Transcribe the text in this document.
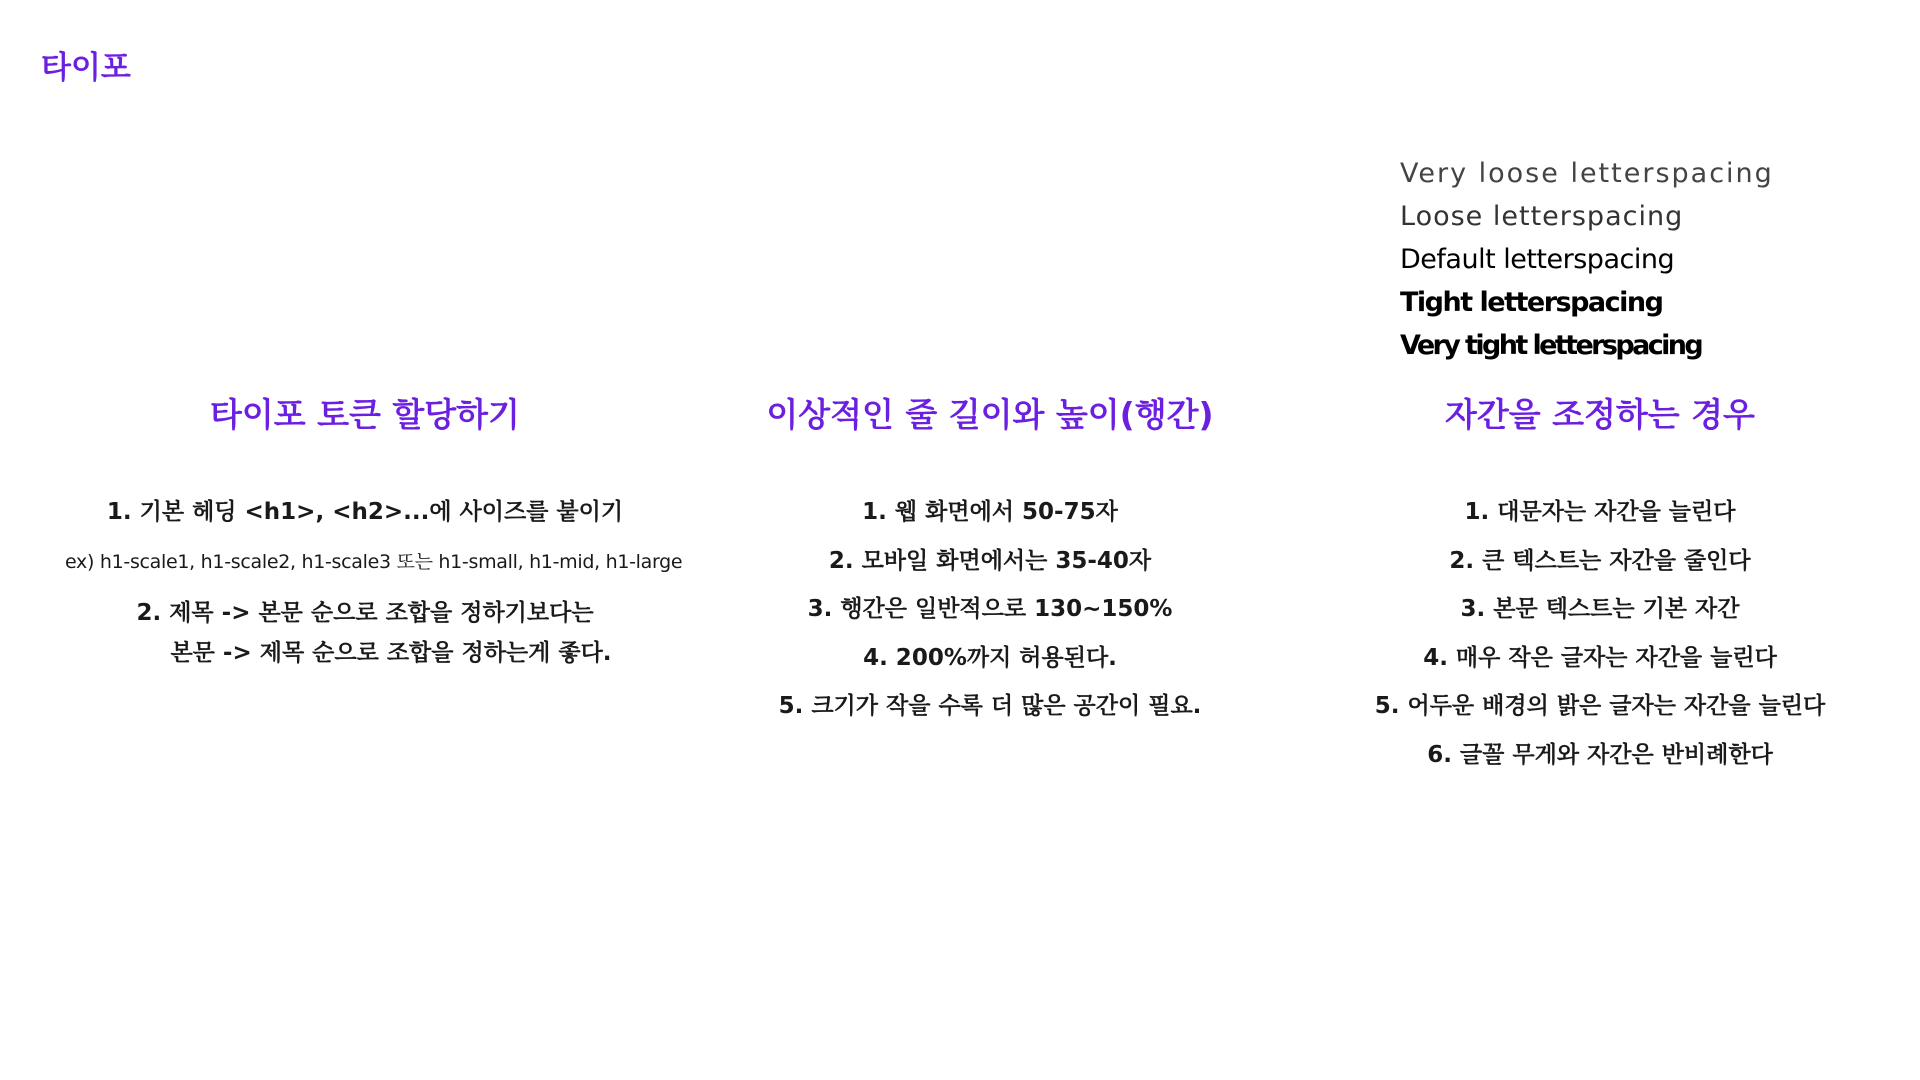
타이포
Very loose letterspacing
Loose letterspacing
Default letterspacing
Tight letterspacing
Very tight letterspacing
타이포 토큰 할당하기
1. 기본 헤딩 <h1>, <h2>...에 사이즈를 붙이기
ex) h1-scale1, h1-scale2, h1-scale3 또는 h1-small, h1-mid, h1-large
2. 제목 -> 본문 순으로 조합을 정하기보다는
본문 -> 제목 순으로 조합을 정하는게 좋다.
이상적인 줄 길이와 높이(행간)
1. 웹 화면에서 50-75자
2. 모바일 화면에서는 35-40자
3. 행간은 일반적으로 130~150%
4. 200%까지 허용된다.
5. 크기가 작을 수록 더 많은 공간이 필요.
자간을 조정하는 경우
1. 대문자는 자간을 늘린다
2. 큰 텍스트는 자간을 줄인다
3. 본문 텍스트는 기본 자간
4. 매우 작은 글자는 자간을 늘린다
5. 어두운 배경의 밝은 글자는 자간을 늘린다
6. 글꼴 무게와 자간은 반비례한다
